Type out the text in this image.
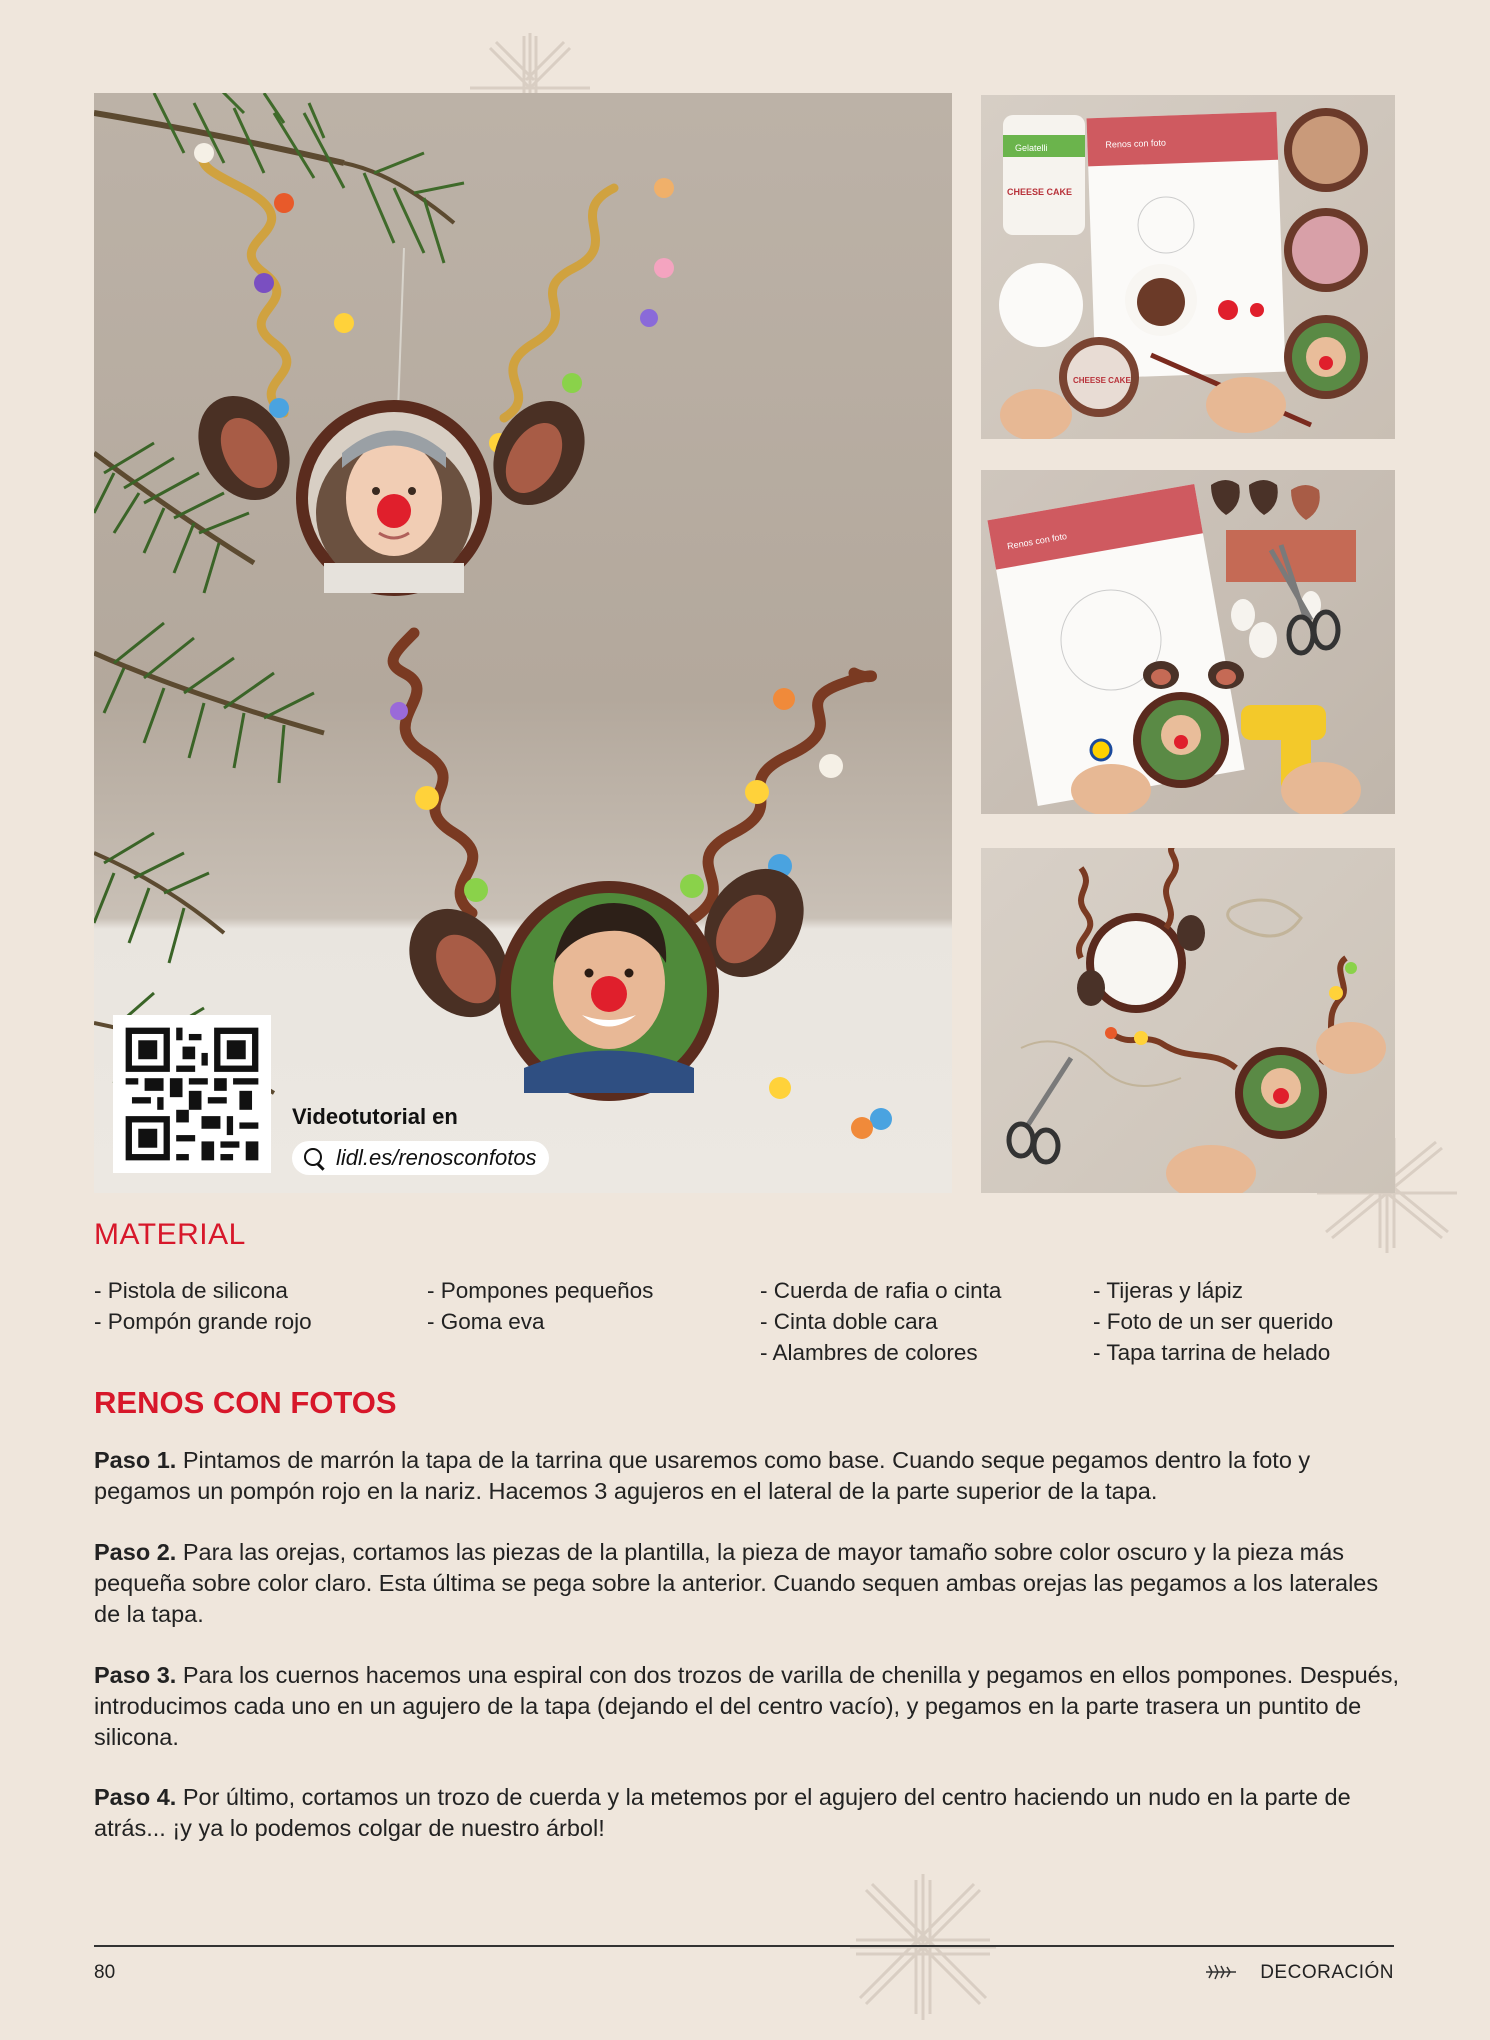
Renos con foto
Gelatelli
CHEESE CAKE
CHEESE CAKE
Renos con foto
Videotutorial en
lidl.es/renosconfotos
MATERIAL
- Pistola de silicona
- Pompón grande rojo
- Pompones pequeños
- Goma eva
- Cuerda de rafia o cinta
- Cinta doble cara
- Alambres de colores
- Tijeras y lápiz
- Foto de un ser querido
- Tapa tarrina de helado
RENOS CON FOTOS
Paso 1. Pintamos de marrón la tapa de la tarrina que usaremos como base. Cuando seque pegamos dentro la foto y pegamos un pompón rojo en la nariz. Hacemos 3 agujeros en el lateral de la parte superior de la tapa.
Paso 2. Para las orejas, cortamos las piezas de la plantilla, la pieza de mayor tamaño sobre color oscuro y la pieza más pequeña sobre color claro. Esta última se pega sobre la anterior. Cuando sequen ambas orejas las pegamos a los laterales de la tapa.
Paso 3. Para los cuernos hacemos una espiral con dos trozos de varilla de chenilla y pegamos en ellos pompones. Después, introducimos cada uno en un agujero de la tapa (dejando el del centro vacío), y pegamos en la parte trasera un puntito de silicona.
Paso 4. Por último, cortamos un trozo de cuerda y la metemos por el agujero del centro haciendo un nudo en la parte de atrás... ¡y ya lo podemos colgar de nuestro árbol!
80	DECORACIÓN
